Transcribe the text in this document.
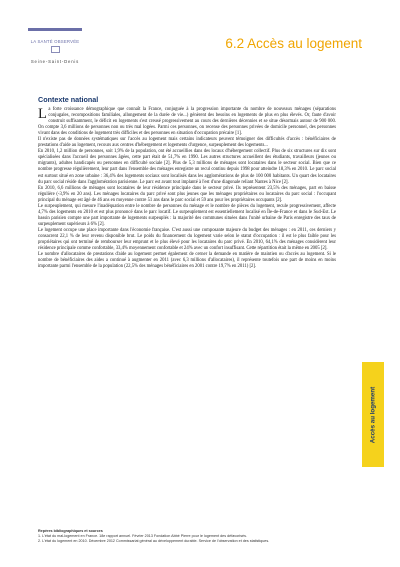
LA SANTÉ OBSERVÉE
Seine-Saint-Denis
6.2 Accès au logement
Contexte national

La forte croissance démographique que connaît la France, conjuguée à la progression importante du nombre de nouveaux ménages (séparations conjugales, recompositions familiales, allongement de la durée de vie...) génèrent des besoins en logements de plus en plus élevés. Or, faute d'avoir construit suffisamment, le déficit en logements s'est creusé progressivement au cours des dernières décennies et se situe désormais autour de 900 000. On compte 3,6 millions de personnes non ou très mal logées. Parmi ces personnes, on recense des personnes privées de domicile personnel, des personnes vivant dans des conditions de logement très difficiles et des personnes en situation d'occupation précaire [1].

Il n'existe pas de données systématiques sur l'accès au logement mais certains indicateurs peuvent témoigner des difficultés d'accès : bénéficiaires de prestations d'aide au logement, recours aux centres d'hébergement et logements d'urgence, surpeuplement des logements...

En 2010, 1,2 million de personnes, soit 1,9% de la population, ont été accueillies dans des locaux d'hébergement collectif. Plus de six structures sur dix sont spécialisées dans l'accueil des personnes âgées, cette part était de 51,7% en 1990. Les autres structures accueillent des étudiants, travailleurs (jeunes ou migrants), adultes handicapés ou personnes en difficulté sociale [2]. Plus de 5,3 millions de ménages sont locataires dans le secteur social. Bien que ce nombre progresse régulièrement, leur part dans l'ensemble des ménages enregistre un recul continu depuis 1998 pour atteindre 18,3% en 2010. Le parc social est surtout situé en zone urbaine : 36,4% des logements sociaux sont localisés dans les agglomérations de plus de 100 000 habitants. Un quart des locataires du parc social réside dans l'agglomération parisienne. Le parc est avant tout implanté à l'est d'une diagonale reliant Nantes à Nice [2].

En 2010, 6,6 millions de ménages sont locataires de leur résidence principale dans le secteur privé. Ils représentent 23,5% des ménages, part en baisse régulière (-3,9% en 20 ans). Les ménages locataires du parc privé sont plus jeunes que les ménages propriétaires ou locataires du parc social : l'occupant principal du ménage est âgé de 46 ans en moyenne contre 51 ans dans le parc social et 59 ans pour les propriétaires occupants [2].

Le surpeuplement, qui mesure l'inadéquation entre le nombre de personnes du ménage et le nombre de pièces du logement, recule progressivement, affecte 4,7% des logements en 2010 et est plus prononcé dans le parc locatif. Le surpeuplement est essentiellement localisé en Île-de-France et dans le Sud-Est. Le bassin parisien compte une part importante de logements surpeuplés : la majorité des communes situées dans l'unité urbaine de Paris enregistre des taux de surpeuplement supérieurs à 6% [2].

Le logement occupe une place importante dans l'économie française. C'est aussi une composante majeure du budget des ménages : en 2011, ces derniers y consacrent 22,1 % de leur revenu disponible brut. Le poids du financement du logement varie selon le statut d'occupation : il est le plus faible pour les propriétaires qui ont terminé de rembourser leur emprunt et le plus élevé pour les locataires du parc privé. En 2010, 64,1% des ménages considèrent leur résidence principale comme confortable, 33,4% moyennement confortable et 24% avec un confort insuffisant. Cette répartition était la même en 2005 [2].

Le nombre d'allocataires de prestations d'aide au logement permet également de cerner la demande en matière de maintien ou d'accès au logement. Si le nombre de bénéficiaires des aides a continué à augmenter en 2011 (avec 6,3 millions d'allocataires), il représente toutefois une part de moins en moins importante parmi l'ensemble de la population (22,5% des ménages bénéficiaires en 2001 contre 19,7% en 2011) [2].

Accès au logement
Repères bibliographiques et sources
1. L'état du mal-logement en France. 18e rapport annuel. Février 2013 Fondation Abbé Pierre pour le logement des défavorisés.
2. L'état du logement en 2010. Décembre 2012 Commissariat général au développement durable. Service de l'observation et des statistiques.
